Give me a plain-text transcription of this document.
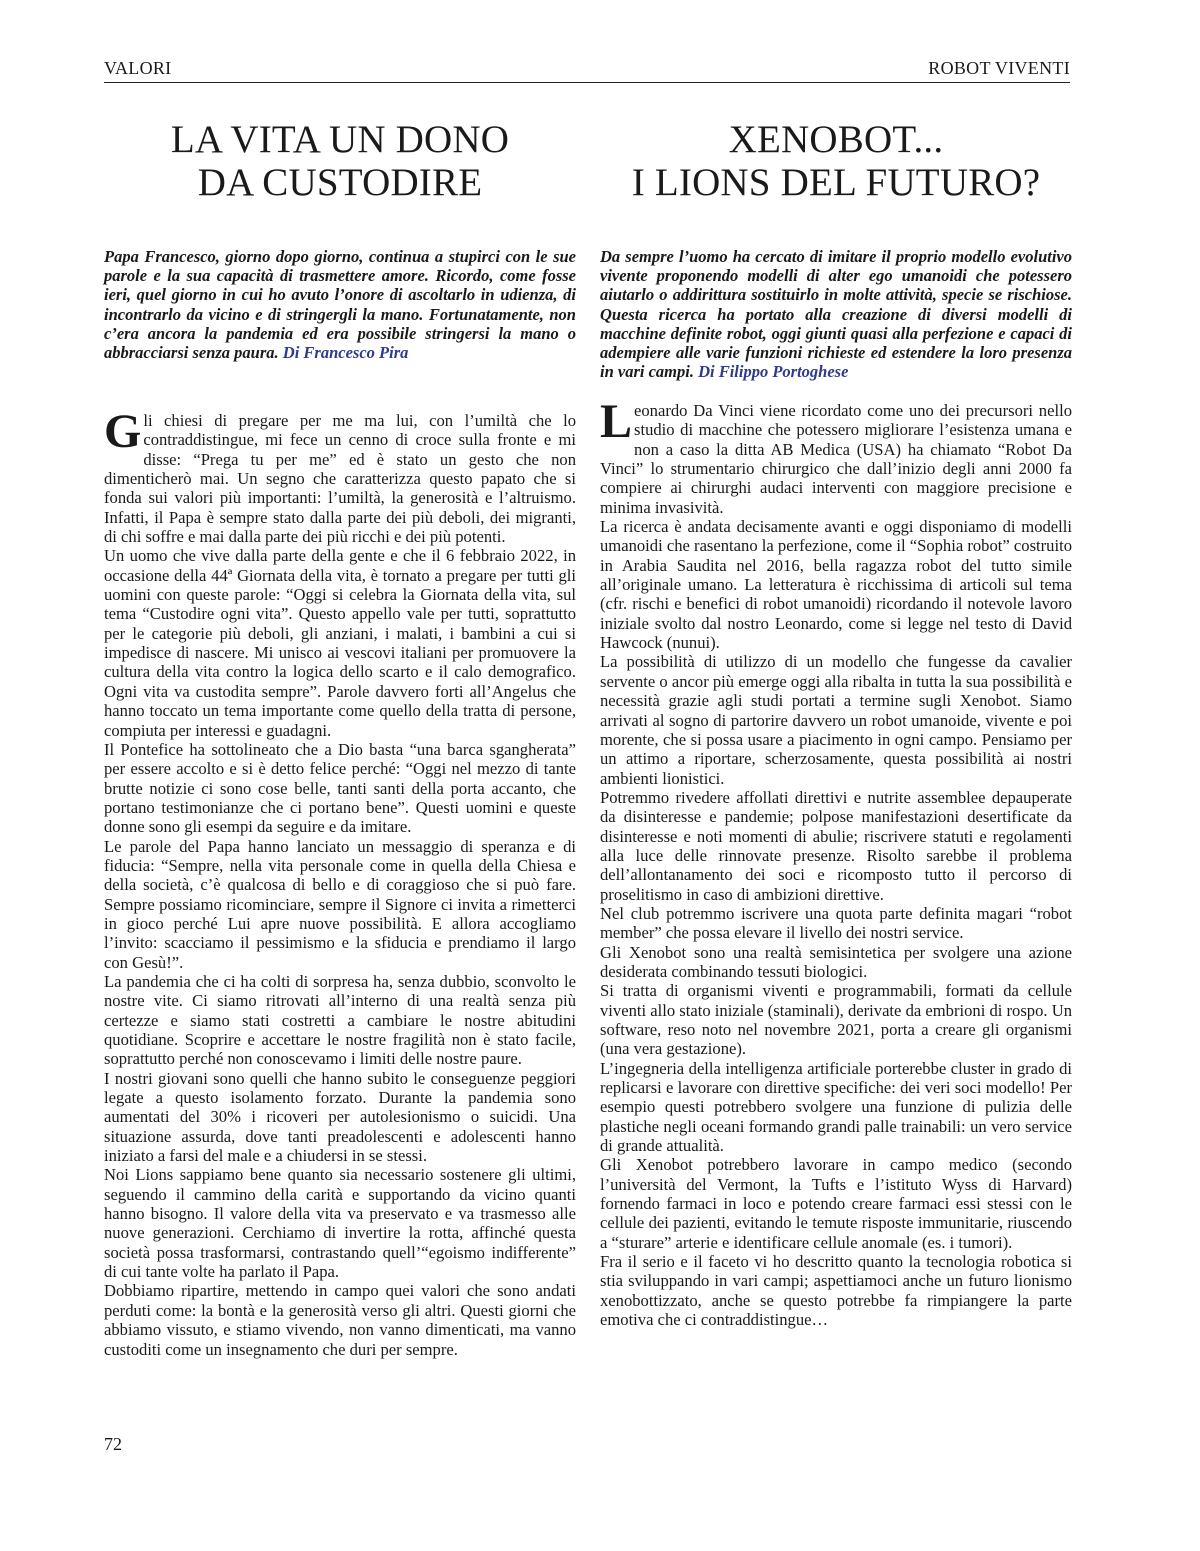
VALORI	ROBOT VIVENTI
LA VITA UN DONO
DA CUSTODIRE
Papa Francesco, giorno dopo giorno, continua a stupirci con le sue parole e la sua capacità di trasmettere amore. Ricordo, come fosse ieri, quel giorno in cui ho avuto l’onore di ascoltarlo in udienza, di incontrarlo da vicino e di stringergli la mano. Fortunatamente, non c’era ancora la pandemia ed era possibile stringersi la mano o abbracciarsi senza paura. Di Francesco Pira

Gli chiesi di pregare per me ma lui, con l’umiltà che lo contraddistingue, mi fece un cenno di croce sulla fronte e mi disse: “Prega tu per me” ed è stato un gesto che non dimenticherò mai. Un segno che caratterizza questo papato che si fonda sui valori più importanti: l’umiltà, la generosità e l’altruismo. Infatti, il Papa è sempre stato dalla parte dei più deboli, dei migranti, di chi soffre e mai dalla parte dei più ricchi e dei più potenti.

Un uomo che vive dalla parte della gente e che il 6 febbraio 2022, in occasione della 44ª Giornata della vita, è tornato a pregare per tutti gli uomini con queste parole: “Oggi si celebra la Giornata della vita, sul tema “Custodire ogni vita”. Questo appello vale per tutti, soprattutto per le categorie più deboli, gli anziani, i malati, i bambini a cui si impedisce di nascere. Mi unisco ai vescovi italiani per promuovere la cultura della vita contro la logica dello scarto e il calo demografico. Ogni vita va custodita sempre”. Parole davvero forti all’Angelus che hanno toccato un tema importante come quello della tratta di persone, compiuta per interessi e guadagni.

Il Pontefice ha sottolineato che a Dio basta “una barca sgangherata” per essere accolto e si è detto felice perché: “Oggi nel mezzo di tante brutte notizie ci sono cose belle, tanti santi della porta accanto, che portano testimonianze che ci portano bene”. Questi uomini e queste donne sono gli esempi da seguire e da imitare.

Le parole del Papa hanno lanciato un messaggio di speranza e di fiducia: “Sempre, nella vita personale come in quella della Chiesa e della società, c’è qualcosa di bello e di coraggioso che si può fare. Sempre possiamo ricominciare, sempre il Signore ci invita a rimetterci in gioco perché Lui apre nuove possibilità. E allora accogliamo l’invito: scacciamo il pessimismo e la sfiducia e prendiamo il largo con Gesù!”.

La pandemia che ci ha colti di sorpresa ha, senza dubbio, sconvolto le nostre vite. Ci siamo ritrovati all’interno di una realtà senza più certezze e siamo stati costretti a cambiare le nostre abitudini quotidiane. Scoprire e accettare le nostre fragilità non è stato facile, soprattutto perché non conoscevamo i limiti delle nostre paure.

I nostri giovani sono quelli che hanno subito le conseguenze peggiori legate a questo isolamento forzato. Durante la pandemia sono aumentati del 30% i ricoveri per autolesionismo o suicidi. Una situazione assurda, dove tanti preadolescenti e adolescenti hanno iniziato a farsi del male e a chiudersi in se stessi.

Noi Lions sappiamo bene quanto sia necessario sostenere gli ultimi, seguendo il cammino della carità e supportando da vicino quanti hanno bisogno. Il valore della vita va preservato e va trasmesso alle nuove generazioni. Cerchiamo di invertire la rotta, affinché questa società possa trasformarsi, contrastando quell’“egoismo indifferente” di cui tante volte ha parlato il Papa.

Dobbiamo ripartire, mettendo in campo quei valori che sono andati perduti come: la bontà e la generosità verso gli altri. Questi giorni che abbiamo vissuto, e stiamo vivendo, non vanno dimenticati, ma vanno custoditi come un insegnamento che duri per sempre.

XENOBOT...
I LIONS DEL FUTURO?
Da sempre l’uomo ha cercato di imitare il proprio modello evolutivo vivente proponendo modelli di alter ego umanoidi che potessero aiutarlo o addirittura sostituirlo in molte attività, specie se rischiose. Questa ricerca ha portato alla creazione di diversi modelli di macchine definite robot, oggi giunti quasi alla perfezione e capaci di adempiere alle varie funzioni richieste ed estendere la loro presenza in vari campi. Di Filippo Portoghese

Leonardo Da Vinci viene ricordato come uno dei precursori nello studio di macchine che potessero migliorare l’esistenza umana e non a caso la ditta AB Medica (USA) ha chiamato “Robot Da Vinci” lo strumentario chirurgico che dall’inizio degli anni 2000 fa compiere ai chirurghi audaci interventi con maggiore precisione e minima invasività.

La ricerca è andata decisamente avanti e oggi disponiamo di modelli umanoidi che rasentano la perfezione, come il “Sophia robot” costruito in Arabia Saudita nel 2016, bella ragazza robot del tutto simile all’originale umano. La letteratura è ricchissima di articoli sul tema (cfr. rischi e benefici di robot umanoidi) ricordando il notevole lavoro iniziale svolto dal nostro Leonardo, come si legge nel testo di David Hawcock (nunui).

La possibilità di utilizzo di un modello che fungesse da cavalier servente o ancor più emerge oggi alla ribalta in tutta la sua possibilità e necessità grazie agli studi portati a termine sugli Xenobot. Siamo arrivati al sogno di partorire davvero un robot umanoide, vivente e poi morente, che si possa usare a piacimento in ogni campo. Pensiamo per un attimo a riportare, scherzosamente, questa possibilità ai nostri ambienti lionistici.

Potremmo rivedere affollati direttivi e nutrite assemblee depauperate da disinteresse e pandemie; polpose manifestazioni desertificate da disinteresse e noti momenti di abulie; riscrivere statuti e regolamenti alla luce delle rinnovate presenze. Risolto sarebbe il problema dell’allontanamento dei soci e ricomposto tutto il percorso di proselitismo in caso di ambizioni direttive.

Nel club potremmo iscrivere una quota parte definita magari “robot member” che possa elevare il livello dei nostri service.

Gli Xenobot sono una realtà semisintetica per svolgere una azione desiderata combinando tessuti biologici.

Si tratta di organismi viventi e programmabili, formati da cellule viventi allo stato iniziale (staminali), derivate da embrioni di rospo. Un software, reso noto nel novembre 2021, porta a creare gli organismi (una vera gestazione).

L’ingegneria della intelligenza artificiale porterebbe cluster in grado di replicarsi e lavorare con direttive specifiche: dei veri soci modello! Per esempio questi potrebbero svolgere una funzione di pulizia delle plastiche negli oceani formando grandi palle trainabili: un vero service di grande attualità.

Gli Xenobot potrebbero lavorare in campo medico (secondo l’università del Vermont, la Tufts e l’istituto Wyss di Harvard) fornendo farmaci in loco e potendo creare farmaci essi stessi con le cellule dei pazienti, evitando le temute risposte immunitarie, riuscendo a “sturare” arterie e identificare cellule anomale (es. i tumori).

Fra il serio e il faceto vi ho descritto quanto la tecnologia robotica si stia sviluppando in vari campi; aspettiamoci anche un futuro lionismo xenobottizzato, anche se questo potrebbe fa rimpiangere la parte emotiva che ci contraddistingue…

72
